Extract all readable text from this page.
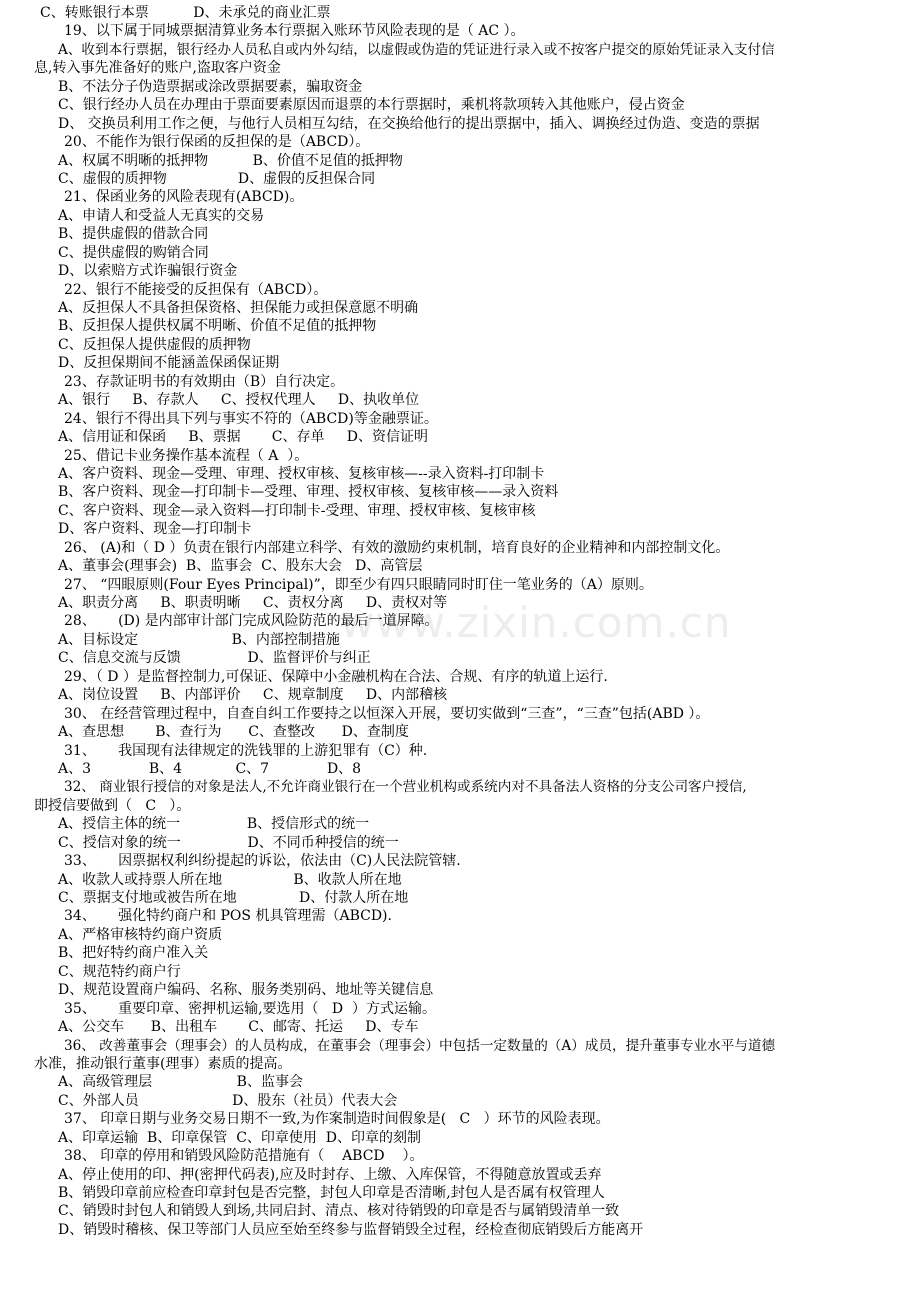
www.zixin.com.cn
C、转账银行本票          D、未承兑的商业汇票
19、以下属于同城票据清算业务本行票据入账环节风险表现的是（ AC ）。
A、收到本行票据，银行经办人员私自或内外勾结，以虚假或伪造的凭证进行录入或不按客户提交的原始凭证录入支付信
息,转入事先准备好的账户,盗取客户资金
B、不法分子伪造票据或涂改票据要素，骗取资金
C、银行经办人员在办理由于票面要素原因而退票的本行票据时，乘机将款项转入其他账户，侵占资金
D、 交换员利用工作之便，与他行人员相互勾结，在交换给他行的提出票据中，插入、调换经过伪造、变造的票据
20、不能作为银行保函的反担保的是（ABCD）。
A、权属不明晰的抵押物          B、价值不足值的抵押物
C、虚假的质押物                D、虚假的反担保合同
21、保函业务的风险表现有(ABCD)。
A、申请人和受益人无真实的交易
B、提供虚假的借款合同
C、提供虚假的购销合同
D、以索赔方式诈骗银行资金
22、银行不能接受的反担保有（ABCD）。
A、反担保人不具备担保资格、担保能力或担保意愿不明确
B、反担保人提供权属不明晰、价值不足值的抵押物
C、反担保人提供虚假的质押物
D、反担保期间不能涵盖保函保证期
23、存款证明书的有效期由（B）自行决定。
A、银行     B、存款人     C、授权代理人     D、执收单位
24、银行不得出具下列与事实不符的（ABCD)等金融票证。
A、信用证和保函     B、票据       C、存单     D、资信证明
25、借记卡业务操作基本流程（ A  ）。
A、客户资料、现金—受理、审理、授权审核、复核审核—--录入资料-打印制卡
B、客户资料、现金—打印制卡—受理、审理、授权审核、复核审核——录入资料
C、客户资料、现金—录入资料—打印制卡-受理、审理、授权审核、复核审核
D、客户资料、现金—打印制卡
26、 (A)和（ D ）负责在银行内部建立科学、有效的激励约束机制，培育良好的企业精神和内部控制文化。
A、董事会(理事会)  B、监事会  C、股东大会   D、高管层
27、 “四眼原则(Four Eyes Principal)”，即至少有四只眼睛同时盯住一笔业务的（A）原则。
A、职责分离     B、职责明晰     C、责权分离     D、责权对等
28、     (D) 是内部审计部门完成风险防范的最后一道屏障。
A、目标设定                     B、内部控制措施
C、信息交流与反馈               D、监督评价与纠正
29、（ D ）是监督控制力,可保证、保障中小金融机构在合法、合规、有序的轨道上运行.
A、岗位设置     B、内部评价     C、规章制度     D、内部稽核
30、 在经营管理过程中，自查自纠工作要持之以恒深入开展，要切实做到“三查”，“三查”包括(ABD ）。
A、查思想       B、查行为      C、查整改      D、查制度
31、     我国现有法律规定的洗钱罪的上游犯罪有（C）种.
A、3             B、4            C、7             D、8
32、 商业银行授信的对象是法人,不允许商业银行在一个营业机构或系统内对不具备法人资格的分支公司客户授信,
即授信要做到（   C   ）。
A、授信主体的统一               B、授信形式的统一
C、授信对象的统一               D、不同币种授信的统一
33、     因票据权利纠纷提起的诉讼，依法由（C)人民法院管辖.
A、收款人或持票人所在地                B、收款人所在地
C、票据支付地或被告所在地              D、付款人所在地
34、     强化特约商户和 POS 机具管理需（ABCD).
A、严格审核特约商户资质
B、把好特约商户准入关
C、规范特约商户行
D、规范设置商户编码、名称、服务类别码、地址等关键信息
35、     重要印章、密押机运输,要选用（   D  ）方式运输。
A、公交车      B、出租车       C、邮寄、托运     D、专车
36、 改善董事会（理事会）的人员构成，在董事会（理事会）中包括一定数量的（A）成员，提升董事专业水平与道德
水准，推动银行董事(理事）素质的提高。
A、高级管理层                   B、监事会
C、外部人员                     D、股东（社员）代表大会
37、 印章日期与业务交易日期不一致,为作案制造时间假象是(   C   ）环节的风险表现。
A、印章运输  B、印章保管  C、印章使用  D、印章的刻制
38、 印章的停用和销毁风险防范措施有（    ABCD    ）。
A、停止使用的印、押(密押代码表),应及时封存、上缴、入库保管，不得随意放置或丢弃
B、销毁印章前应检查印章封包是否完整，封包人印章是否清晰,封包人是否属有权管理人
C、销毁时封包人和销毁人到场,共同启封、清点、核对待销毁的印章是否与属销毁清单一致
D、销毁时稽核、保卫等部门人员应至始至终参与监督销毁全过程，经检查彻底销毁后方能离开
